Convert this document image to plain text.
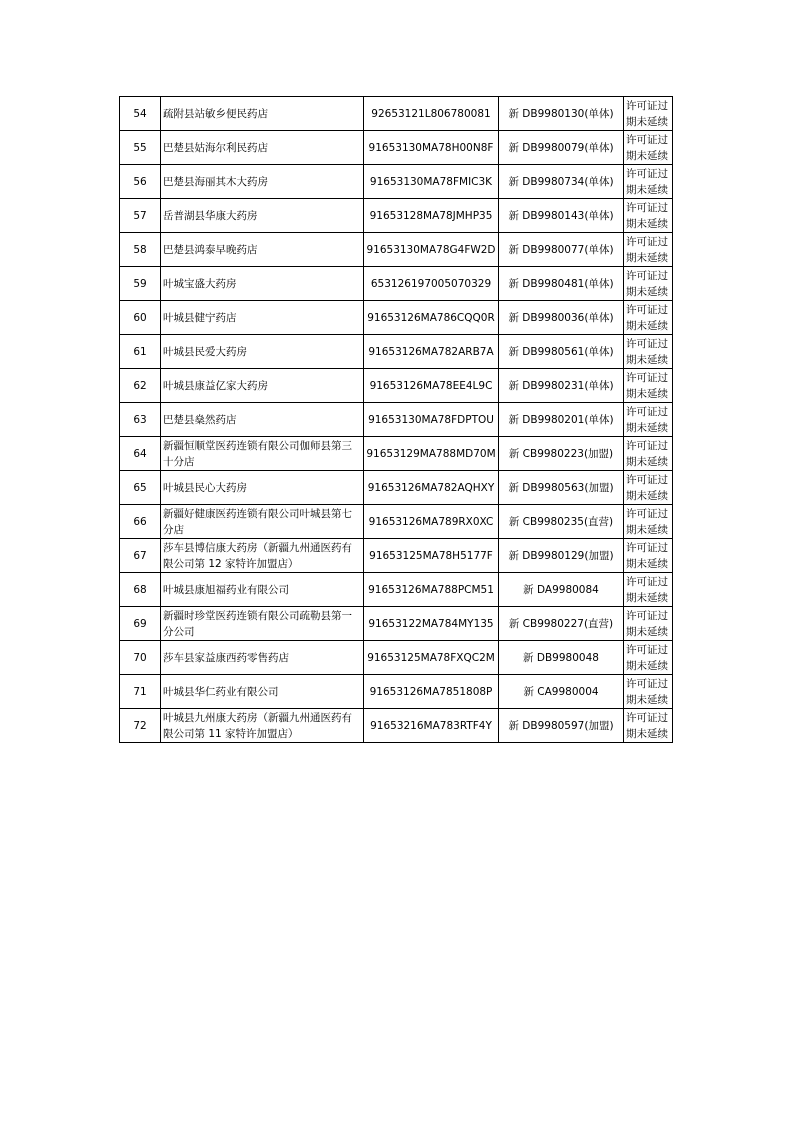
54	疏附县站敏乡便民药店	92653121L806780081	新 DB9980130(单体)	许可证过期未延续
55	巴楚县姑海尔利民药店	91653130MA78H00N8F	新 DB9980079(单体)	许可证过期未延续
56	巴楚县海丽其木大药房	91653130MA78FMIC3K	新 DB9980734(单体)	许可证过期未延续
57	岳普湖县华康大药房	91653128MA78JMHP35	新 DB9980143(单体)	许可证过期未延续
58	巴楚县鸿泰早晚药店	91653130MA78G4FW2D	新 DB9980077(单体)	许可证过期未延续
59	叶城宝盛大药房	653126197005070329	新 DB9980481(单体)	许可证过期未延续
60	叶城县健宁药店	91653126MA786CQQ0R	新 DB9980036(单体)	许可证过期未延续
61	叶城县民爱大药房	91653126MA782ARB7A	新 DB9980561(单体)	许可证过期未延续
62	叶城县康益亿家大药房	91653126MA78EE4L9C	新 DB9980231(单体)	许可证过期未延续
63	巴楚县燊然药店	91653130MA78FDPTOU	新 DB9980201(单体)	许可证过期未延续
64	新疆恒顺堂医药连锁有限公司伽师县第三十分店	91653129MA788MD70M	新 CB9980223(加盟)	许可证过期未延续
65	叶城县民心大药房	91653126MA782AQHXY	新 DB9980563(加盟)	许可证过期未延续
66	新疆好健康医药连锁有限公司叶城县第七分店	91653126MA789RX0XC	新 CB9980235(直营)	许可证过期未延续
67	莎车县博信康大药房（新疆九州通医药有限公司第 12 家特许加盟店）	91653125MA78H5177F	新 DB9980129(加盟)	许可证过期未延续
68	叶城县康旭福药业有限公司	91653126MA788PCM51	新 DA9980084	许可证过期未延续
69	新疆时珍堂医药连锁有限公司疏勒县第一分公司	91653122MA784MY135	新 CB9980227(直营)	许可证过期未延续
70	莎车县家益康西药零售药店	91653125MA78FXQC2M	新 DB9980048	许可证过期未延续
71	叶城县华仁药业有限公司	91653126MA7851808P	新 CA9980004	许可证过期未延续
72	叶城县九州康大药房（新疆九州通医药有限公司第 11 家特许加盟店）	91653216MA783RTF4Y	新 DB9980597(加盟)	许可证过期未延续
